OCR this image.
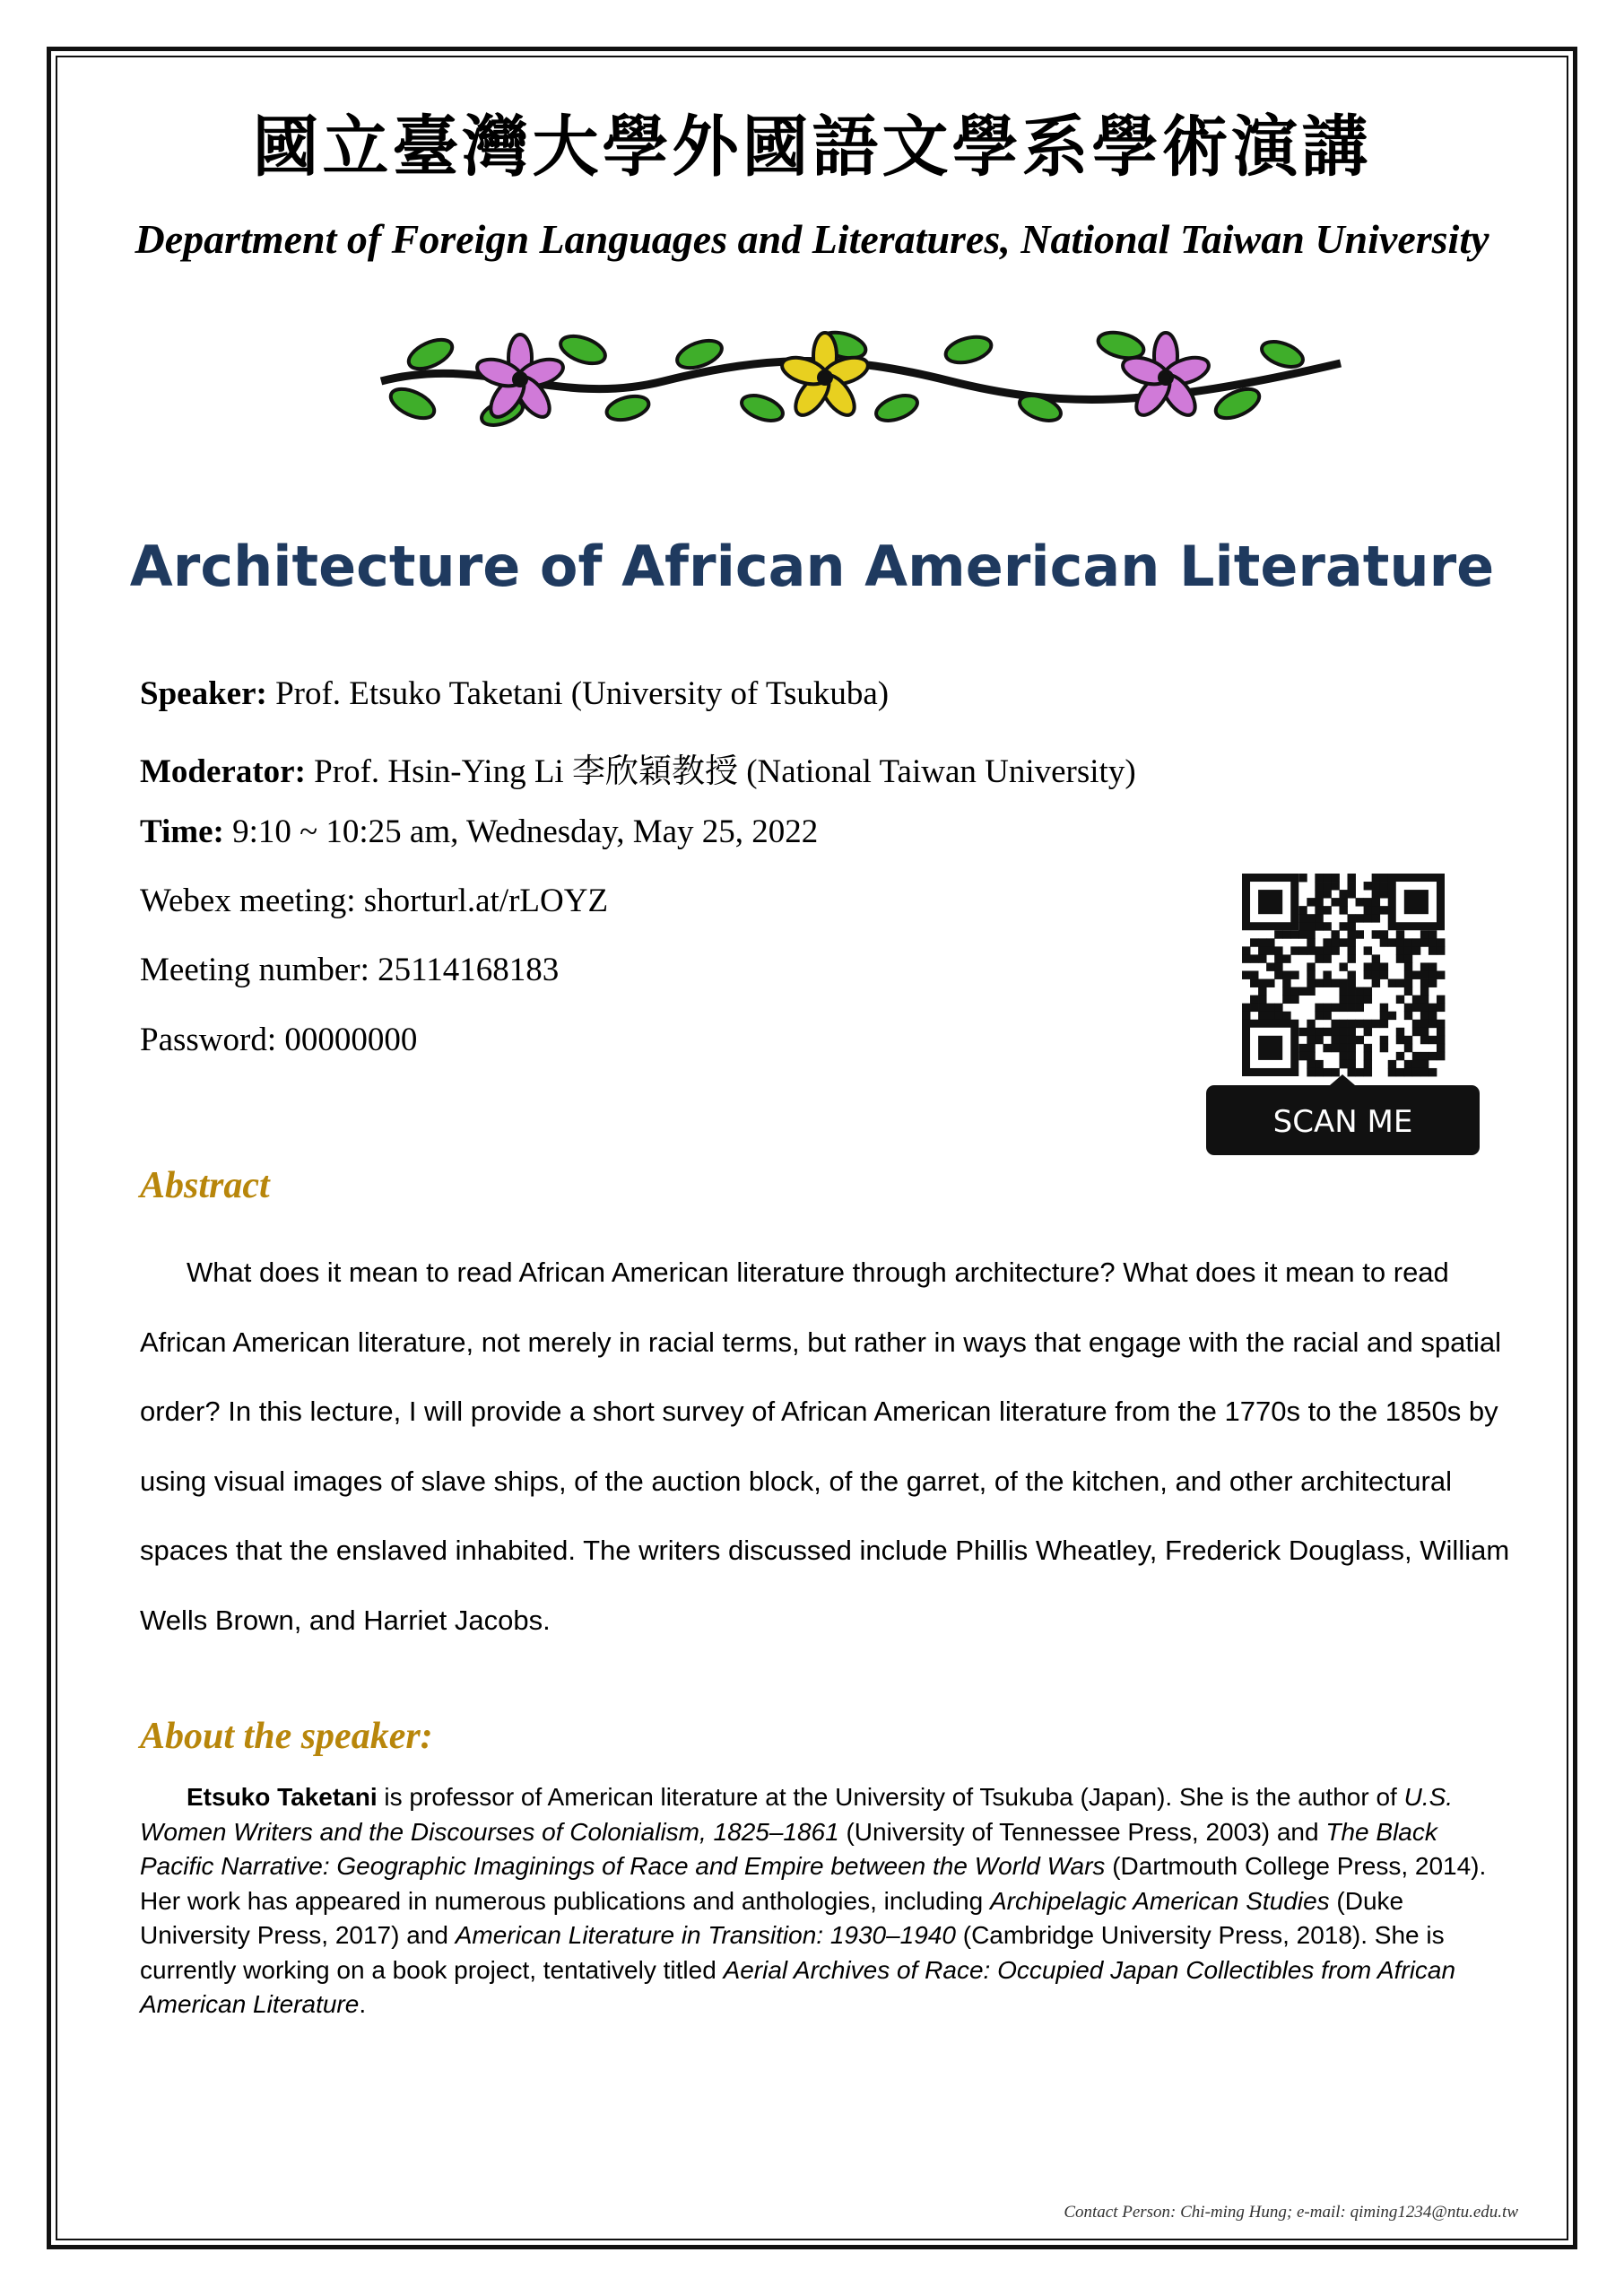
國立臺灣大學外國語文學系學術演講
Department of Foreign Languages and Literatures, National Taiwan University
Architecture of African American Literature
Speaker: Prof. Etsuko Taketani (University of Tsukuba)
Moderator: Prof. Hsin-Ying Li 李欣穎教授 (National Taiwan University)
Time: 9:10 ~ 10:25 am, Wednesday, May 25, 2022
Webex meeting: shorturl.at/rLOYZ
Meeting number: 25114168183
Password: 00000000
SCAN ME
Abstract

What does it mean to read African American literature through architecture? What does it mean to read African American literature, not merely in racial terms, but rather in ways that engage with the racial and spatial order? In this lecture, I will provide a short survey of African American literature from the 1770s to the 1850s by using visual images of slave ships, of the auction block, of the garret, of the kitchen, and other architectural spaces that the enslaved inhabited. The writers discussed include Phillis Wheatley, Frederick Douglass, William Wells Brown, and Harriet Jacobs.

About the speaker:

Etsuko Taketani is professor of American literature at the University of Tsukuba (Japan). She is the author of U.S. Women Writers and the Discourses of Colonialism, 1825–1861 (University of Tennessee Press, 2003) and The Black Pacific Narrative: Geographic Imaginings of Race and Empire between the World Wars (Dartmouth College Press, 2014). Her work has appeared in numerous publications and anthologies, including Archipelagic American Studies (Duke University Press, 2017) and American Literature in Transition: 1930–1940 (Cambridge University Press, 2018). She is currently working on a book project, tentatively titled Aerial Archives of Race: Occupied Japan Collectibles from African American Literature.

Contact Person: Chi-ming Hung; e-mail: qiming1234@ntu.edu.tw
